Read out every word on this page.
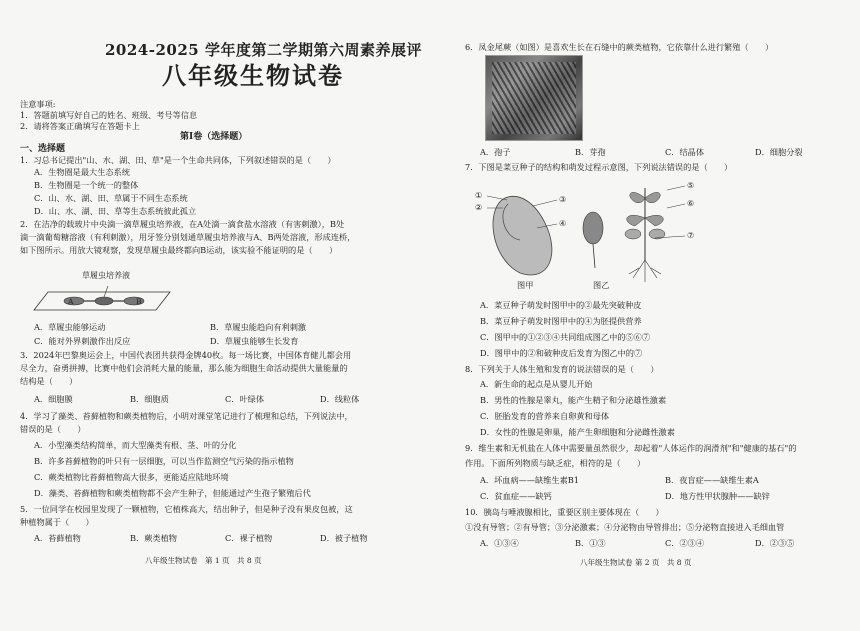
2024-2025 学年度第二学期第六周素养展评
八年级生物试卷
注意事项:
1．答题前填写好自己的姓名、班级、考号等信息
2．请将答案正确填写在答题卡上
第Ⅰ卷（选择题）
一、选择题
1．习总书记提出"山、水、湖、田、草"是一个生命共同体，下列叙述错误的是（　　）
A．生物圈是最大生态系统
B．生物圈是一个统一的整体
C．山、水、湖、田、草属于不同生态系统
D．山、水、湖、田、草等生态系统彼此孤立
2．在洁净的载玻片中央滴一滴草履虫培养液，在A处滴一滴食盐水溶液（有害刺激），B处
滴一滴葡萄糖溶液（有利刺激），用牙签分别划通草履虫培养液与A、B两处溶液，形成连桥，
如下图所示。用放大镜观察，发现草履虫最终都向B运动，该实验不能证明的是（　　）
草履虫培养液
A	B
A．草履虫能够运动	B．草履虫能趋向有利刺激
C．能对外界刺激作出反应	D．草履虫能够生长发育
3．2024年巴黎奥运会上，中国代表团共获得金牌40枚。每一场比赛，中国体育健儿都会用
尽全力，奋勇拼搏，比赛中他们会消耗大量的能量，那么能为细胞生命活动提供大量能量的
结构是（　　）
A．细胞膜	B．细胞质	C．叶绿体	D．线粒体
4．学习了藻类、苔藓植物和蕨类植物后，小明对课堂笔记进行了梳理和总结，下列说法中，
错误的是（　　）
A．小型藻类结构简单，而大型藻类有根、茎、叶的分化
B．许多苔藓植物的叶只有一层细胞，可以当作监测空气污染的指示植物
C．蕨类植物比苔藓植物高大很多，更能适应陆地环境
D．藻类、苔藓植物和蕨类植物都不会产生种子，但能通过产生孢子繁殖后代
5．一位同学在校园里发现了一颗植物，它植株高大，结出种子，但是种子没有果皮包被，这
种植物属于（　　）
A．苔藓植物	B．蕨类植物	C．裸子植物	D．被子植物
八年级生物试卷　第 1 页　共 8 页
6．凤金尾蕨（如图）是喜欢生长在石缝中的蕨类植物，它依靠什么进行繁殖（　　）
A．孢子	B．芽孢	C．结晶体	D．细胞分裂
7．下图是菜豆种子的结构和萌发过程示意图，下列说法错误的是（　　）
①
②
③
④
⑤
⑥
⑦
图甲	图乙
A．菜豆种子萌发时图甲中的②最先突破种皮
B．菜豆种子萌发时图甲中的④为胚提供营养
C．图甲中的①②③④共同组成图乙中的⑤⑥⑦
D．图甲中的②和破种皮后发育为图乙中的⑦
8．下列关于人体生殖和发育的说法错误的是（　　）
A．新生命的起点是从婴儿开始
B．男性的性腺是睾丸，能产生精子和分泌雄性激素
C．胚胎发育的营养来自卵黄和母体
D．女性的性腺是卵巢，能产生卵细胞和分泌雌性激素
9．维生素和无机盐在人体中需要量虽然很少，却起着"人体运作的润滑剂"和"健康的基石"的
作用。下面所列物质与缺乏症，相符的是（　　）
A．坏血病——缺维生素B1	B．夜盲症——缺维生素A
C．贫血症——缺钙	D．地方性甲状腺肿——缺锌
10．胰岛与唾液腺相比，重要区别主要体现在（　　）
①没有导管；②有导管；③分泌激素；④分泌物由导管排出；⑤分泌物直接进入毛细血管
A．①③④	B．①③	C．②③④	D．②③⑤
八年级生物试卷 第 2 页　共 8 页
